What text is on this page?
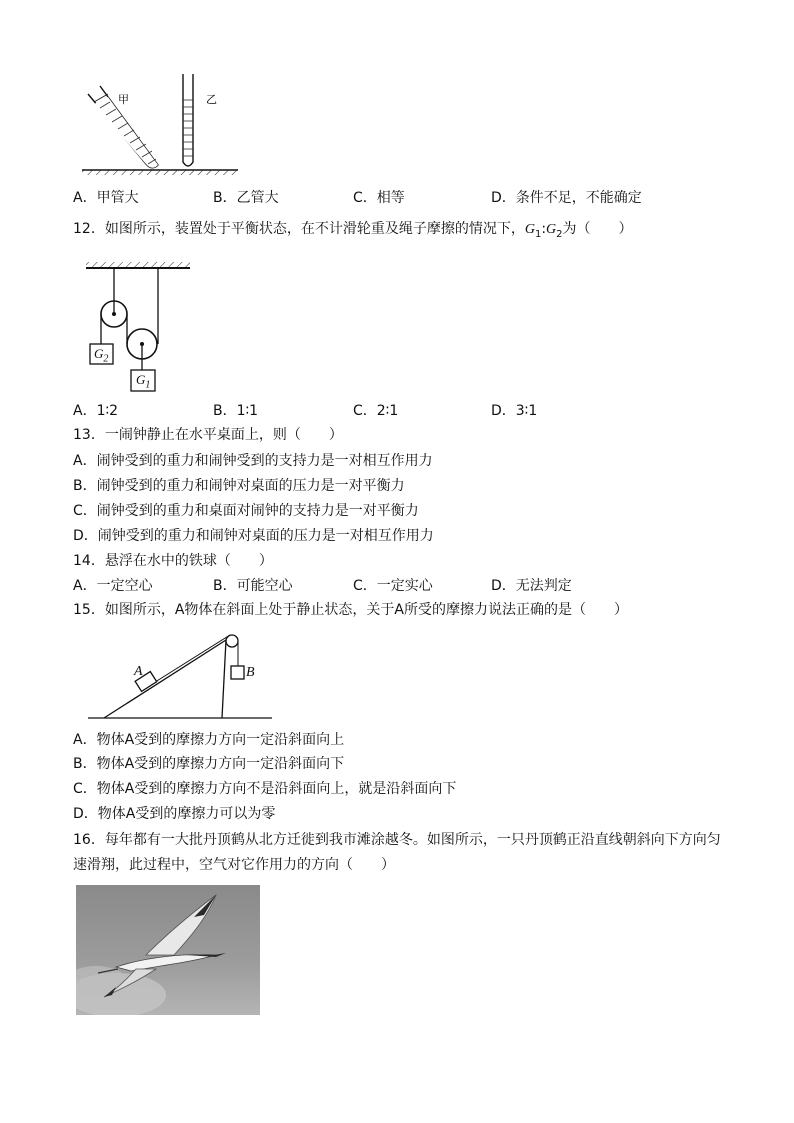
甲	乙
A．甲管大	B．乙管大	C．相等	D．条件不足，不能确定
12．如图所示，装置处于平衡状态，在不计滑轮重及绳子摩擦的情况下，$G_1:G_2$为（　　）
$G_2$
$G_1$
A．1∶2	B．1∶1	C．2∶1	D．3∶1
13．一闹钟静止在水平桌面上，则（　　）
A．闹钟受到的重力和闹钟受到的支持力是一对相互作用力
B．闹钟受到的重力和闹钟对桌面的压力是一对平衡力
C．闹钟受到的重力和桌面对闹钟的支持力是一对平衡力
D．闹钟受到的重力和闹钟对桌面的压力是一对相互作用力
14．悬浮在水中的铁球（　　）
A．一定空心	B．可能空心	C．一定实心	D．无法判定
15．如图所示，A物体在斜面上处于静止状态，关于A所受的摩擦力说法正确的是（　　）
A	B
A．物体A受到的摩擦力方向一定沿斜面向上
B．物体A受到的摩擦力方向一定沿斜面向下
C．物体A受到的摩擦力方向不是沿斜面向上，就是沿斜面向下
D．物体A受到的摩擦力可以为零
16．每年都有一大批丹顶鹤从北方迁徙到我市滩涂越冬。如图所示，一只丹顶鹤正沿直线朝斜向下方向匀
速滑翔，此过程中，空气对它作用力的方向（　　）
